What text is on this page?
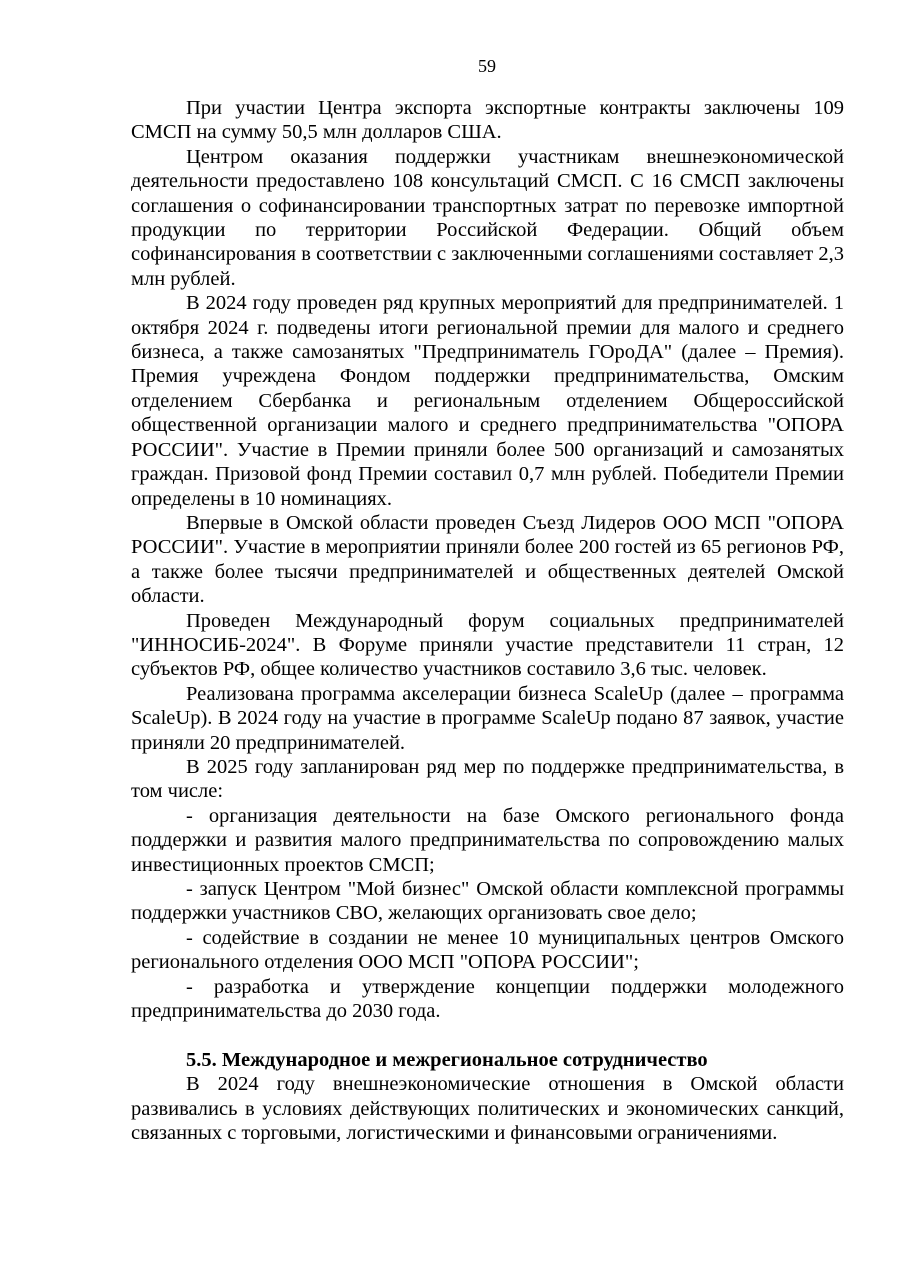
59

При участии Центра экспорта экспортные контракты заключены 109 СМСП на сумму 50,5 млн долларов США.

Центром оказания поддержки участникам внешнеэкономической деятельности предоставлено 108 консультаций СМСП. С 16 СМСП заключены соглашения о софинансировании транспортных затрат по перевозке импортной продукции по территории Российской Федерации. Общий объем софинансирования в соответствии с заключенными соглашениями составляет 2,3 млн рублей.

В 2024 году проведен ряд крупных мероприятий для предпринимателей. 1 октября 2024 г. подведены итоги региональной премии для малого и среднего бизнеса, а также самозанятых "Предприниматель ГОроДА" (далее – Премия). Премия учреждена Фондом поддержки предпринимательства, Омским отделением Сбербанка и региональным отделением Общероссийской общественной организации малого и среднего предпринимательства "ОПОРА РОССИИ". Участие в Премии приняли более 500 организаций и самозанятых граждан. Призовой фонд Премии составил 0,7 млн рублей. Победители Премии определены в 10 номинациях.

Впервые в Омской области проведен Съезд Лидеров ООО МСП "ОПОРА РОССИИ". Участие в мероприятии приняли более 200 гостей из 65 регионов РФ, а также более тысячи предпринимателей и общественных деятелей Омской области.

Проведен Международный форум социальных предпринимателей "ИННОСИБ-2024". В Форуме приняли участие представители 11 стран, 12 субъектов РФ, общее количество участников составило 3,6 тыс. человек.

Реализована программа акселерации бизнеса ScaleUp (далее – программа ScaleUp). В 2024 году на участие в программе ScaleUp подано 87 заявок, участие приняли 20 предпринимателей.

В 2025 году запланирован ряд мер по поддержке предпринимательства, в том числе:

- организация деятельности на базе Омского регионального фонда поддержки и развития малого предпринимательства по сопровождению малых инвестиционных проектов СМСП;

- запуск Центром "Мой бизнес" Омской области комплексной программы поддержки участников СВО, желающих организовать свое дело;

- содействие в создании не менее 10 муниципальных центров Омского регионального отделения ООО МСП "ОПОРА РОССИИ";

- разработка и утверждение концепции поддержки молодежного предпринимательства до 2030 года.

5.5. Международное и межрегиональное сотрудничество

В 2024 году внешнеэкономические отношения в Омской области развивались в условиях действующих политических и экономических санкций, связанных с торговыми, логистическими и финансовыми ограничениями.
